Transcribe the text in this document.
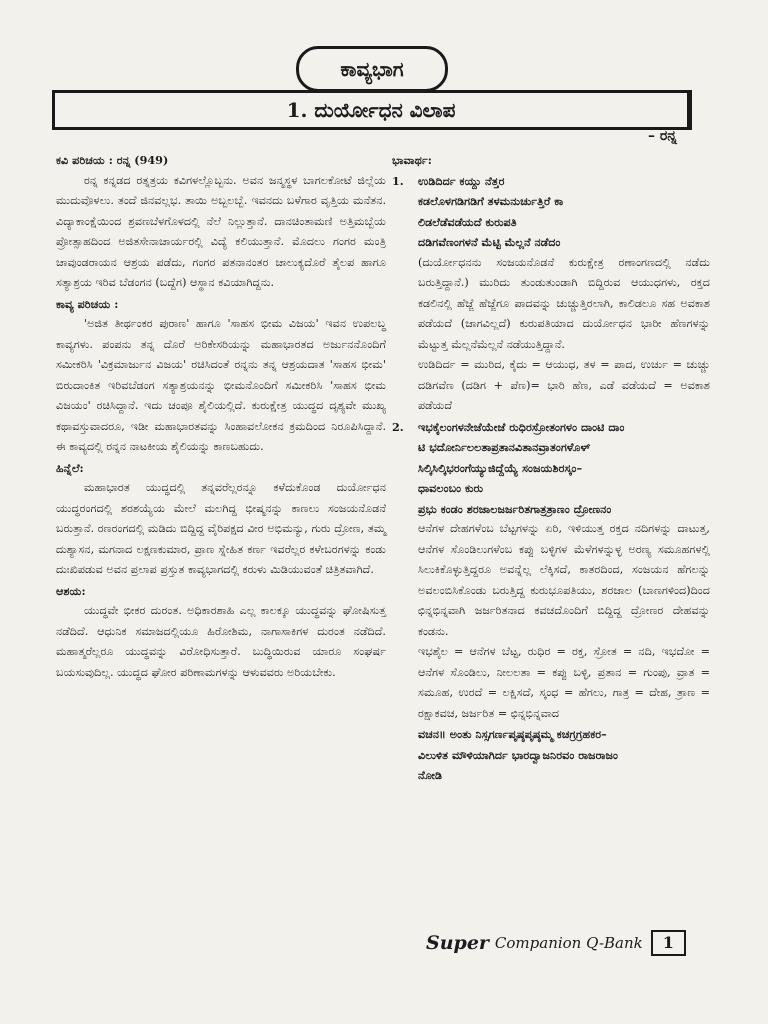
ಕಾವ್ಯಭಾಗ
1. ದುರ್ಯೋಧನ ವಿಲಾಪ
– ರನ್ನ

ಕವಿ ಪರಿಚಯ : ರನ್ನ (949)

ರನ್ನ ಕನ್ನಡದ ರತ್ನತ್ರಯ ಕವಿಗಳಲ್ಲೊಬ್ಬನು. ಅವನ ಜನ್ಮಸ್ಥಳ ಬಾಗಲಕೋಟೆ ಜಿಲ್ಲೆಯ ಮುದುವೊಳಲು. ತಂದೆ ಜಿನವಲ್ಲಭ. ತಾಯಿ ಅಬ್ಬಲಬ್ಬೆ. ಇವನದು ಬಳೆಗಾರ ವೃತ್ತಿಯ ಮನೆತನ. ವಿದ್ಯಾಕಾಂಕ್ಷೆಯಿಂದ ಶ್ರವಣಬೆಳಗೊಳದಲ್ಲಿ ನೆಲೆ ನಿಲ್ಲುತ್ತಾನೆ. ದಾನಚಿಂತಾಮಣಿ ಅತ್ತಿಮಬ್ಬೆಯ ಪ್ರೋತ್ಸಾಹದಿಂದ ಅಜಿತಸೇನಾಚಾರ್ಯರಲ್ಲಿ ವಿದ್ಯೆ ಕಲಿಯುತ್ತಾನೆ. ಮೊದಲು ಗಂಗರ ಮಂತ್ರಿ ಚಾವುಂಡರಾಯನ ಆಶ್ರಯ ಪಡೆದು, ಗಂಗರ ಪತನಾನಂತರ ಚಾಲುಕ್ಯದೊರೆ ತೈಲಪ ಹಾಗೂ ಸತ್ಯಾಶ್ರಯ ಇರಿವ ಬೆಡಂಗನ (ಬದ್ದೆಗ) ಆಸ್ಥಾನ ಕವಿಯಾಗಿದ್ದನು.

ಕಾವ್ಯ ಪರಿಚಯ :

'ಅಜಿತ ತೀರ್ಥಂಕರ ಪುರಾಣ' ಹಾಗೂ 'ಸಾಹಸ ಭೀಮ ವಿಜಯ' ಇವನ ಉಪಲಬ್ಧ ಕಾವ್ಯಗಳು. ಪಂಪನು ತನ್ನ ದೊರೆ ಅರಿಕೇಸರಿಯನ್ನು ಮಹಾಭಾರತದ ಅರ್ಜುನನೊಂದಿಗೆ ಸಮೀಕರಿಸಿ 'ವಿಕ್ರಮಾರ್ಜುನ ವಿಜಯ' ರಚಿಸಿದಂತೆ ರನ್ನನು ತನ್ನ ಆಶ್ರಯದಾತ 'ಸಾಹಸ ಭೀಮ' ಬಿರುದಾಂಕಿತ ಇರಿವಬೆಡಂಗ ಸತ್ಯಾಶ್ರಯನನ್ನು ಭೀಮನೊಂದಿಗೆ ಸಮೀಕರಿಸಿ 'ಸಾಹಸ ಭೀಮ ವಿಜಯಂ' ರಚಿಸಿದ್ದಾನೆ. ಇದು ಚಂಪೂ ಶೈಲಿಯಲ್ಲಿದೆ. ಕುರುಕ್ಷೇತ್ರ ಯುದ್ಧದ ದೃಶ್ಯವೇ ಮುಖ್ಯ ಕಥಾವಸ್ತುವಾದರೂ, ಇಡೀ ಮಹಾಭಾರತವನ್ನು ಸಿಂಹಾವಲೋಕನ ಕ್ರಮದಿಂದ ನಿರೂಪಿಸಿದ್ದಾನೆ. ಈ ಕಾವ್ಯದಲ್ಲಿ ರನ್ನನ ನಾಟಕೀಯ ಶೈಲಿಯನ್ನು ಕಾಣಬಹುದು.

ಹಿನ್ನೆಲೆ:

ಮಹಾಭಾರತ ಯುದ್ಧದಲ್ಲಿ ತನ್ನವರೆಲ್ಲರನ್ನೂ ಕಳೆದುಕೊಂಡ ದುರ್ಯೋಧನ ಯುದ್ಧರಂಗದಲ್ಲಿ ಶರಶಯ್ಯೆಯ ಮೇಲೆ ಮಲಗಿದ್ದ ಭೀಷ್ಮನನ್ನು ಕಾಣಲು ಸಂಜಯನೊಡನೆ ಬರುತ್ತಾನೆ. ರಣರಂಗದಲ್ಲಿ ಮಡಿದು ಬಿದ್ದಿದ್ದ ವೈರಿಪಕ್ಷದ ವೀರ ಅಭಿಮನ್ಯು, ಗುರು ದ್ರೋಣ, ತಮ್ಮ ದುಶ್ಯಾಸನ, ಮಗನಾದ ಲಕ್ಷಣಕುಮಾರ, ಪ್ರಾಣ ಸ್ನೇಹಿತ ಕರ್ಣ ಇವರೆಲ್ಲರ ಕಳೇಬರಗಳನ್ನು ಕಂಡು ದುಃಖಿಪಡುವ ಅವನ ಪ್ರಲಾಪ ಪ್ರಸ್ತುತ ಕಾವ್ಯಭಾಗದಲ್ಲಿ ಕರುಳು ಮಿಡಿಯುವಂತೆ ಚಿತ್ರಿತವಾಗಿದೆ.

ಆಶಯ:

ಯುದ್ಧವೇ ಭೀಕರ ದುರಂತ. ಅಧಿಕಾರಶಾಹಿ ಎಲ್ಲ ಕಾಲಕ್ಕೂ ಯುದ್ಧವನ್ನು ಘೋಷಿಸುತ್ತ ನಡೆದಿದೆ. ಆಧುನಿಕ ಸಮಾಜದಲ್ಲಿಯೂ ಹಿರೋಶಿಮ, ನಾಗಾಸಾಕಿಗಳ ದುರಂತ ನಡೆದಿದೆ. ಮಹಾತ್ಮರೆಲ್ಲರೂ ಯುದ್ಧವನ್ನು ವಿರೋಧಿಸುತ್ತಾರೆ. ಬುದ್ಧಿಯಿರುವ ಯಾರೂ ಸಂಘರ್ಷ ಬಯಸುವುದಿಲ್ಲ. ಯುದ್ಧದ ಘೋರ ಪರಿಣಾಮಗಳನ್ನು ಆಳುವವರು ಅರಿಯಬೇಕು.

ಭಾವಾರ್ಥ:

1. ಉಡಿದಿರ್ದ ಕಯ್ದು ನೆತ್ತರ

ಕಡಲೊಳಗಡಿಗಡಿಗೆ ತಳಮನುರ್ಚುತ್ತಿರೆ ಕಾ

ಲಿಡಲೆಡೆವಡೆಯದೆ ಕುರುಪತಿ

ದಡಿಗವೆಣಂಗಳನೆ ಮೆಟ್ಟಿ ಮೆಲ್ಲನೆ ನಡೆದಂ

(ದುರ್ಯೋಧನನು ಸಂಜಯನೊಡನೆ ಕುರುಕ್ಷೇತ್ರ ರಣಾಂಗಣದಲ್ಲಿ ನಡೆದು ಬರುತ್ತಿದ್ದಾನೆ.) ಮುರಿದು ತುಂಡುತುಂಡಾಗಿ ಬಿದ್ದಿರುವ ಆಯುಧಗಳು, ರಕ್ತದ ಕಡಲಿನಲ್ಲಿ ಹೆಜ್ಜೆ ಹೆಜ್ಜೆಗೂ ಪಾದವನ್ನು ಚುಚ್ಚುತ್ತಿರಲಾಗಿ, ಕಾಲಿಡಲೂ ಸಹ ಅವಕಾಶ ಪಡೆಯದೆ (ಜಾಗವಿಲ್ಲದೆ) ಕುರುಪತಿಯಾದ ದುರ್ಯೋಧನ ಭಾರೀ ಹೆಣಗಳನ್ನು ಮೆಟ್ಟುತ್ತ ಮೆಲ್ಲನೆಮೆಲ್ಲನೆ ನಡೆಯುತ್ತಿದ್ದಾನೆ.

ಉಡಿದಿರ್ದ = ಮುರಿದ, ಕೈದು = ಆಯುಧ, ತಳ = ಪಾದ, ಉರ್ಚು = ಚುಚ್ಚು ದಡಿಗವೆಣ (ದಡಿಗ + ಪೆಣ)= ಭಾರಿ ಹೆಣ, ಎಡೆ ವಡೆಯದೆ = ಅವಕಾಶ ಪಡೆಯದೆ

2. ಇಭಕೈಲಂಗಳನೇಜೆಯೇಜೆ ರುಧಿರಸ್ರೋತಂಗಳಂ ದಾಂಟಿ ದಾಂ

ಟಿ ಭದೋರ್ನಿಲಲತಾಪ್ರತಾನವಿತಾನವ್ರಾತಂಗಳೊಳ್

ಸಿಲ್ಕಿಸಿಲ್ಕಿಭರಂಗೆಯ್ಯುಜಿದ್ದೆಯ್ಯೆ ಸಂಜಯಶಿರಸ್ಕಂ–

ಧಾವಲಂಬಂ ಕುರು

ಪ್ರಭು ಕಂಡಂ ಶರಜಾಲಜರ್ಜರಿತಗಾತ್ರತ್ರಾಣಂ ದ್ರೋಣನಂ

ಆನೆಗಳ ದೇಹಗಳೆಂಬ ಬೆಟ್ಟಗಳನ್ನು ಏರಿ, ಇಳಿಯುತ್ತ ರಕ್ತದ ನದಿಗಳನ್ನು ದಾಟುತ್ತ, ಆನೆಗಳ ಸೊಂಡಿಲುಗಳೆಂಬ ಕಪ್ಪು ಬಳ್ಳಿಗಳ ಮೆಳೆಗಳನ್ನುಳ್ಳ ಅರಣ್ಯ ಸಮೂಹಗಳಲ್ಲಿ ಸಿಲುಕಿಕೊಳ್ಳುತ್ತಿದ್ದರೂ ಅವನ್ನೆಲ್ಲ ಲೆಕ್ಕಿಸದೆ, ಕಾತರದಿಂದ, ಸಂಜಯನ ಹೆಗಲನ್ನು ಅವಲಂಬಿಸಿಕೊಂಡು ಬರುತ್ತಿದ್ದ ಕುರುಭೂಪತಿಯು, ಶರಜಾಲ (ಬಾಣಗಳಿಂದ)ದಿಂದ ಛಿನ್ನಭಿನ್ನವಾಗಿ ಜರ್ಜರಿತನಾದ ಕವಚದೊಂದಿಗೆ ಬಿದ್ದಿದ್ದ ದ್ರೋಣರ ದೇಹವನ್ನು ಕಂಡನು.

ಇಭಶೈಲ = ಆನೆಗಳ ಬೆಟ್ಟ, ರುಧಿರ = ರಕ್ತ, ಸ್ರೋತ = ನದಿ, ಇಭದೋ = ಆನೆಗಳ ಸೊಂಡಿಲು, ನೀಲಲತಾ = ಕಪ್ಪು ಬಳ್ಳಿ, ಪ್ರತಾನ = ಗುಂಪು, ವ್ರಾತ = ಸಮೂಹ, ಉರದೆ = ಲಕ್ಷಿಸದೆ, ಸ್ಕಂಧ = ಹೆಗಲು, ಗಾತ್ರ = ದೇಹ, ತ್ರಾಣ = ರಕ್ಷಾಕವಚ, ಜರ್ಜರಿತ = ಛಿನ್ನಭಿನ್ನವಾದ

ವಚನ॥ ಅಂತು ನಿಸ್ಸಗರ್ಣಪೃಷ್ಠಪೃಷ್ಠಮ್ಮ ಕಚಗ್ರಗ್ರಹಕರ–

ವಿಲುಳಿತ ಮೌಳಿಯಾಗಿರ್ದ ಭಾರದ್ವಾಜನಿರವಂ ರಾಜರಾಜಂ

ನೋಡಿ

Super Companion Q-Bank	1
